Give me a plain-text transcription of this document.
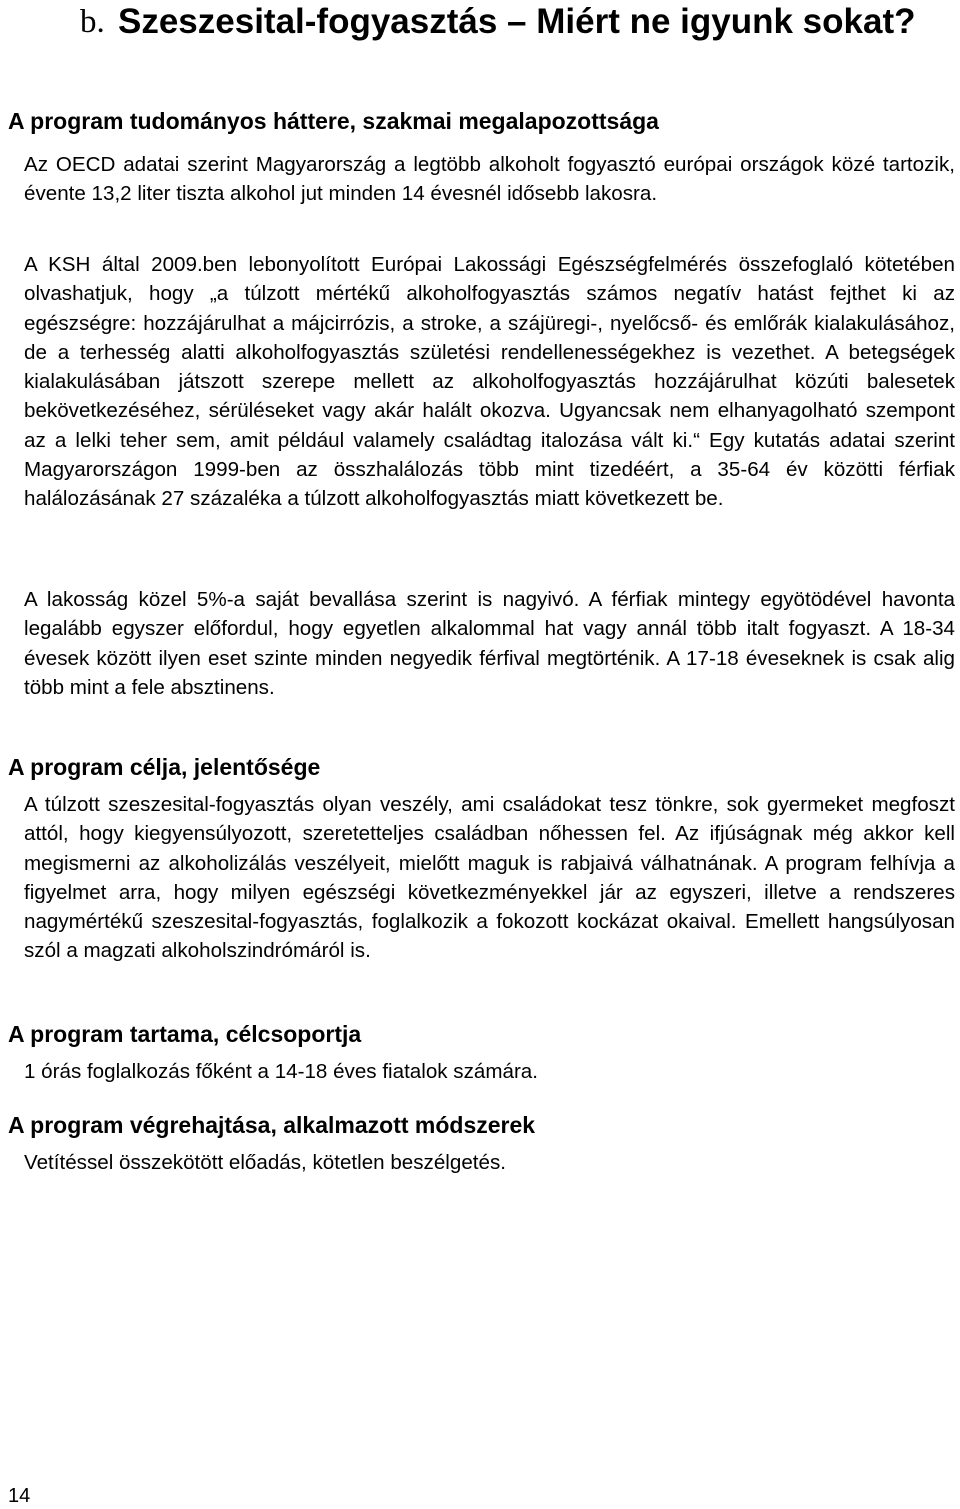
b. Szeszesital-fogyasztás – Miért ne igyunk sokat?
A program tudományos háttere, szakmai megalapozottsága
Az OECD adatai szerint Magyarország a legtöbb alkoholt fogyasztó európai országok közé tartozik, évente 13,2 liter tiszta alkohol jut minden 14 évesnél idősebb lakosra.
A KSH által 2009.ben lebonyolított Európai Lakossági Egészségfelmérés összefoglaló kötetében olvashatjuk, hogy „a túlzott mértékű alkoholfogyasztás számos negatív hatást fejthet ki az egészségre: hozzájárulhat a májcirrózis, a stroke, a szájüregi-, nyelőcső- és emlőrák kialakulásához, de a terhesség alatti alkoholfogyasztás születési rendellenességekhez is vezethet. A betegségek kialakulásában játszott szerepe mellett az alkoholfogyasztás hozzájárulhat közúti balesetek bekövetkezéséhez, sérüléseket vagy akár halált okozva. Ugyancsak nem elhanyagolható szempont az a lelki teher sem, amit például valamely családtag italozása vált ki.“ Egy kutatás adatai szerint Magyarországon 1999-ben az összhalálozás több mint tizedéért, a 35-64 év közötti férfiak halálozásának 27 százaléka a túlzott alkoholfogyasztás miatt következett be.
A lakosság közel 5%-a saját bevallása szerint is nagyivó. A férfiak mintegy egyötödével havonta legalább egyszer előfordul, hogy egyetlen alkalommal hat vagy annál több italt fogyaszt. A 18-34 évesek között ilyen eset szinte minden negyedik férfival megtörténik. A 17-18 éveseknek is csak alig több mint a fele absztinens.
A program célja, jelentősége
A túlzott szeszesital-fogyasztás olyan veszély, ami családokat tesz tönkre, sok gyermeket megfoszt attól, hogy kiegyensúlyozott, szeretetteljes családban nőhessen fel. Az ifjúságnak még akkor kell megismerni az alkoholizálás veszélyeit, mielőtt maguk is rabjaivá válhatnának. A program felhívja a figyelmet arra, hogy milyen egészségi következményekkel jár az egyszeri, illetve a rendszeres nagymértékű szeszesital-fogyasztás, foglalkozik a fokozott kockázat okaival. Emellett hangsúlyosan szól a magzati alkoholszindrómáról is.
A program tartama, célcsoportja
1 órás foglalkozás főként a 14-18 éves fiatalok számára.
A program végrehajtása, alkalmazott módszerek
Vetítéssel összekötött előadás, kötetlen beszélgetés.
14
